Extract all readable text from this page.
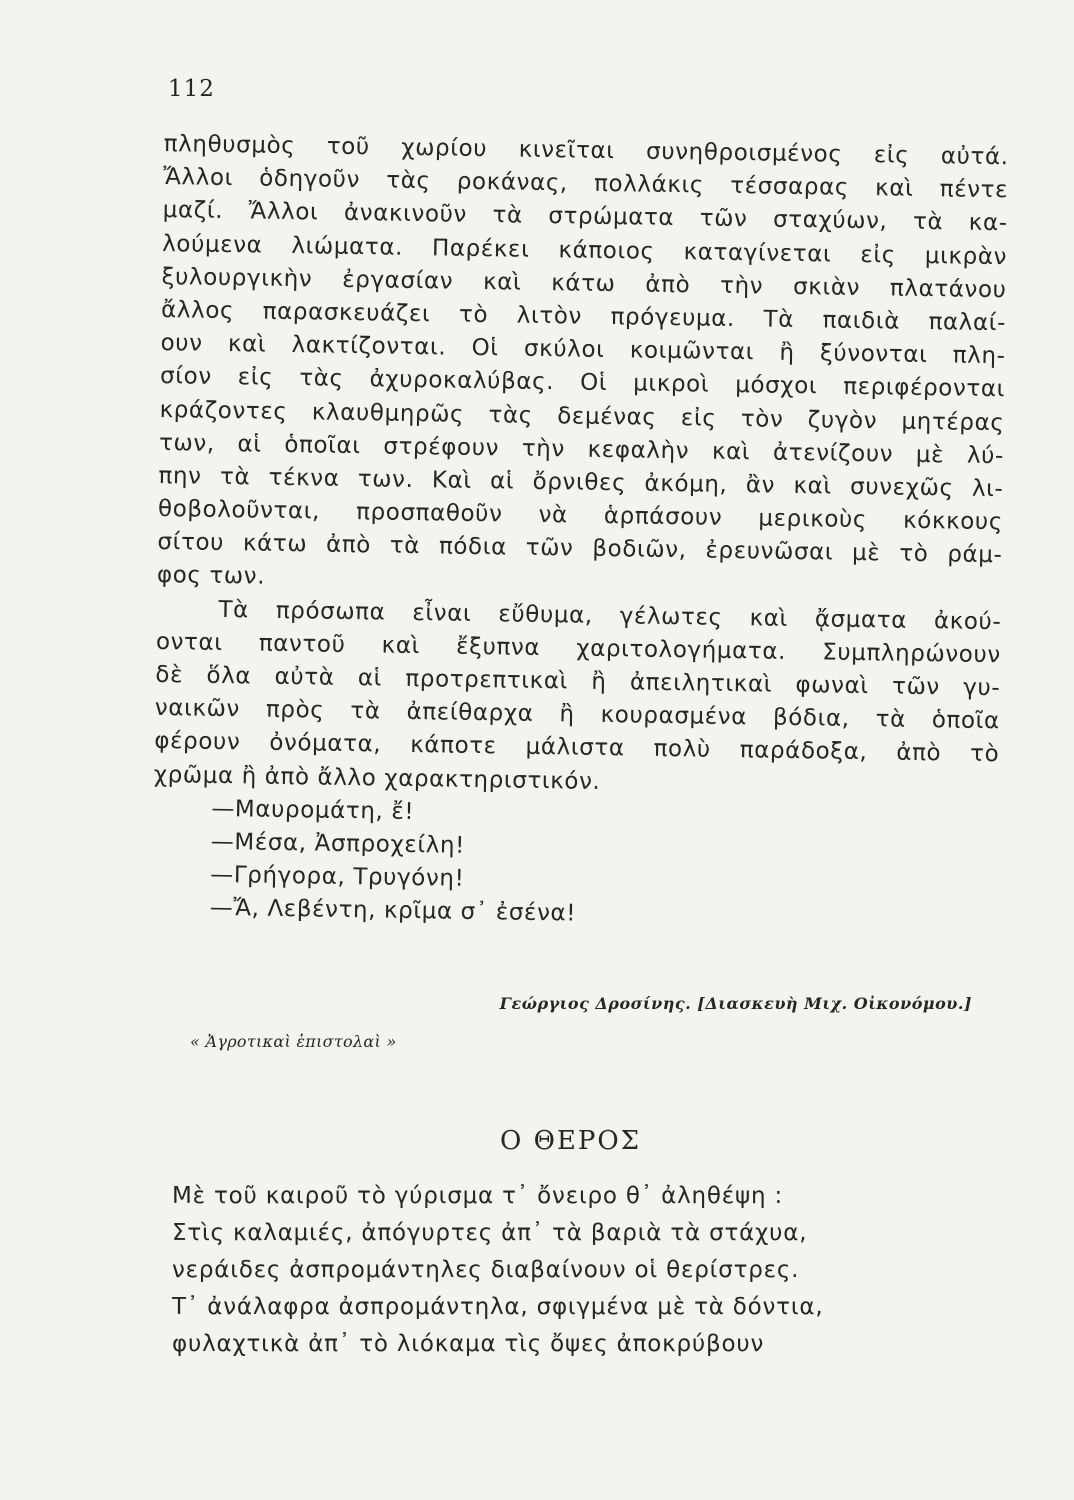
112
πληθυσμὸς τοῦ χωρίου κινεῖται συνηθροισμένος εἰς αὐτά.
Ἄλλοι ὁδηγοῦν τὰς ροκάνας, πολλάκις τέσσαρας καὶ πέντε
μαζί. Ἄλλοι ἀνακινοῦν τὰ στρώματα τῶν σταχύων, τὰ κα-
λούμενα λιώματα. Παρέκει κάποιος καταγίνεται εἰς μικρὰν
ξυλουργικὴν ἐργασίαν καὶ κάτω ἀπὸ τὴν σκιὰν πλατάνου
ἄλλος παρασκευάζει τὸ λιτὸν πρόγευμα. Τὰ παιδιὰ παλαί-
ουν καὶ λακτίζονται. Οἱ σκύλοι κοιμῶνται ἢ ξύνονται πλη-
σίον εἰς τὰς ἀχυροκαλύβας. Οἱ μικροὶ μόσχοι περιφέρονται
κράζοντες κλαυθμηρῶς τὰς δεμένας εἰς τὸν ζυγὸν μητέρας
των, αἱ ὁποῖαι στρέφουν τὴν κεφαλὴν καὶ ἀτενίζουν μὲ λύ-
πην τὰ τέκνα των. Καὶ αἱ ὄρνιθες ἀκόμη, ἂν καὶ συνεχῶς λι-
θοβολοῦνται, προσπαθοῦν νὰ ἁρπάσουν μερικοὺς κόκκους
σίτου κάτω ἀπὸ τὰ πόδια τῶν βοδιῶν, ἐρευνῶσαι μὲ τὸ ράμ-
φος των.
Τὰ πρόσωπα εἶναι εὔθυμα, γέλωτες καὶ ᾄσματα ἀκού-
ονται παντοῦ καὶ ἔξυπνα χαριτολογήματα. Συμπληρώνουν
δὲ ὅλα αὐτὰ αἱ προτρεπτικαὶ ἢ ἀπειλητικαὶ φωναὶ τῶν γυ-
ναικῶν πρὸς τὰ ἀπείθαρχα ἢ κουρασμένα βόδια, τὰ ὁποῖα
φέρουν ὀνόματα, κάποτε μάλιστα πολὺ παράδοξα, ἀπὸ τὸ
χρῶμα ἢ ἀπὸ ἄλλο χαρακτηριστικόν.
—Μαυρομάτη, ἔ!
—Μέσα, Ἀσπροχείλη!
—Γρήγορα, Τρυγόνη!
—Ἄ, Λεβέντη, κρῖμα σ᾿ ἐσένα!
Γεώργιος Δροσίνης. [Διασκευὴ Μιχ. Οἰκονόμου.]
« Ἀγροτικαὶ ἐπιστολαὶ »
Ο ΘΕΡΟΣ
Μὲ τοῦ καιροῦ τὸ γύρισμα τ᾿ ὄνειρο θ᾿ ἀληθέψη :
Στὶς καλαμιές, ἀπόγυρτες ἀπ᾿ τὰ βαριὰ τὰ στάχυα,
νεράιδες ἀσπρομάντηλες διαβαίνουν οἱ θερίστρες.
Τ᾿ ἀνάλαφρα ἀσπρομάντηλα, σφιγμένα μὲ τὰ δόντια,
φυλαχτικὰ ἀπ᾿ τὸ λιόκαμα τὶς ὄψες ἀποκρύβουν
